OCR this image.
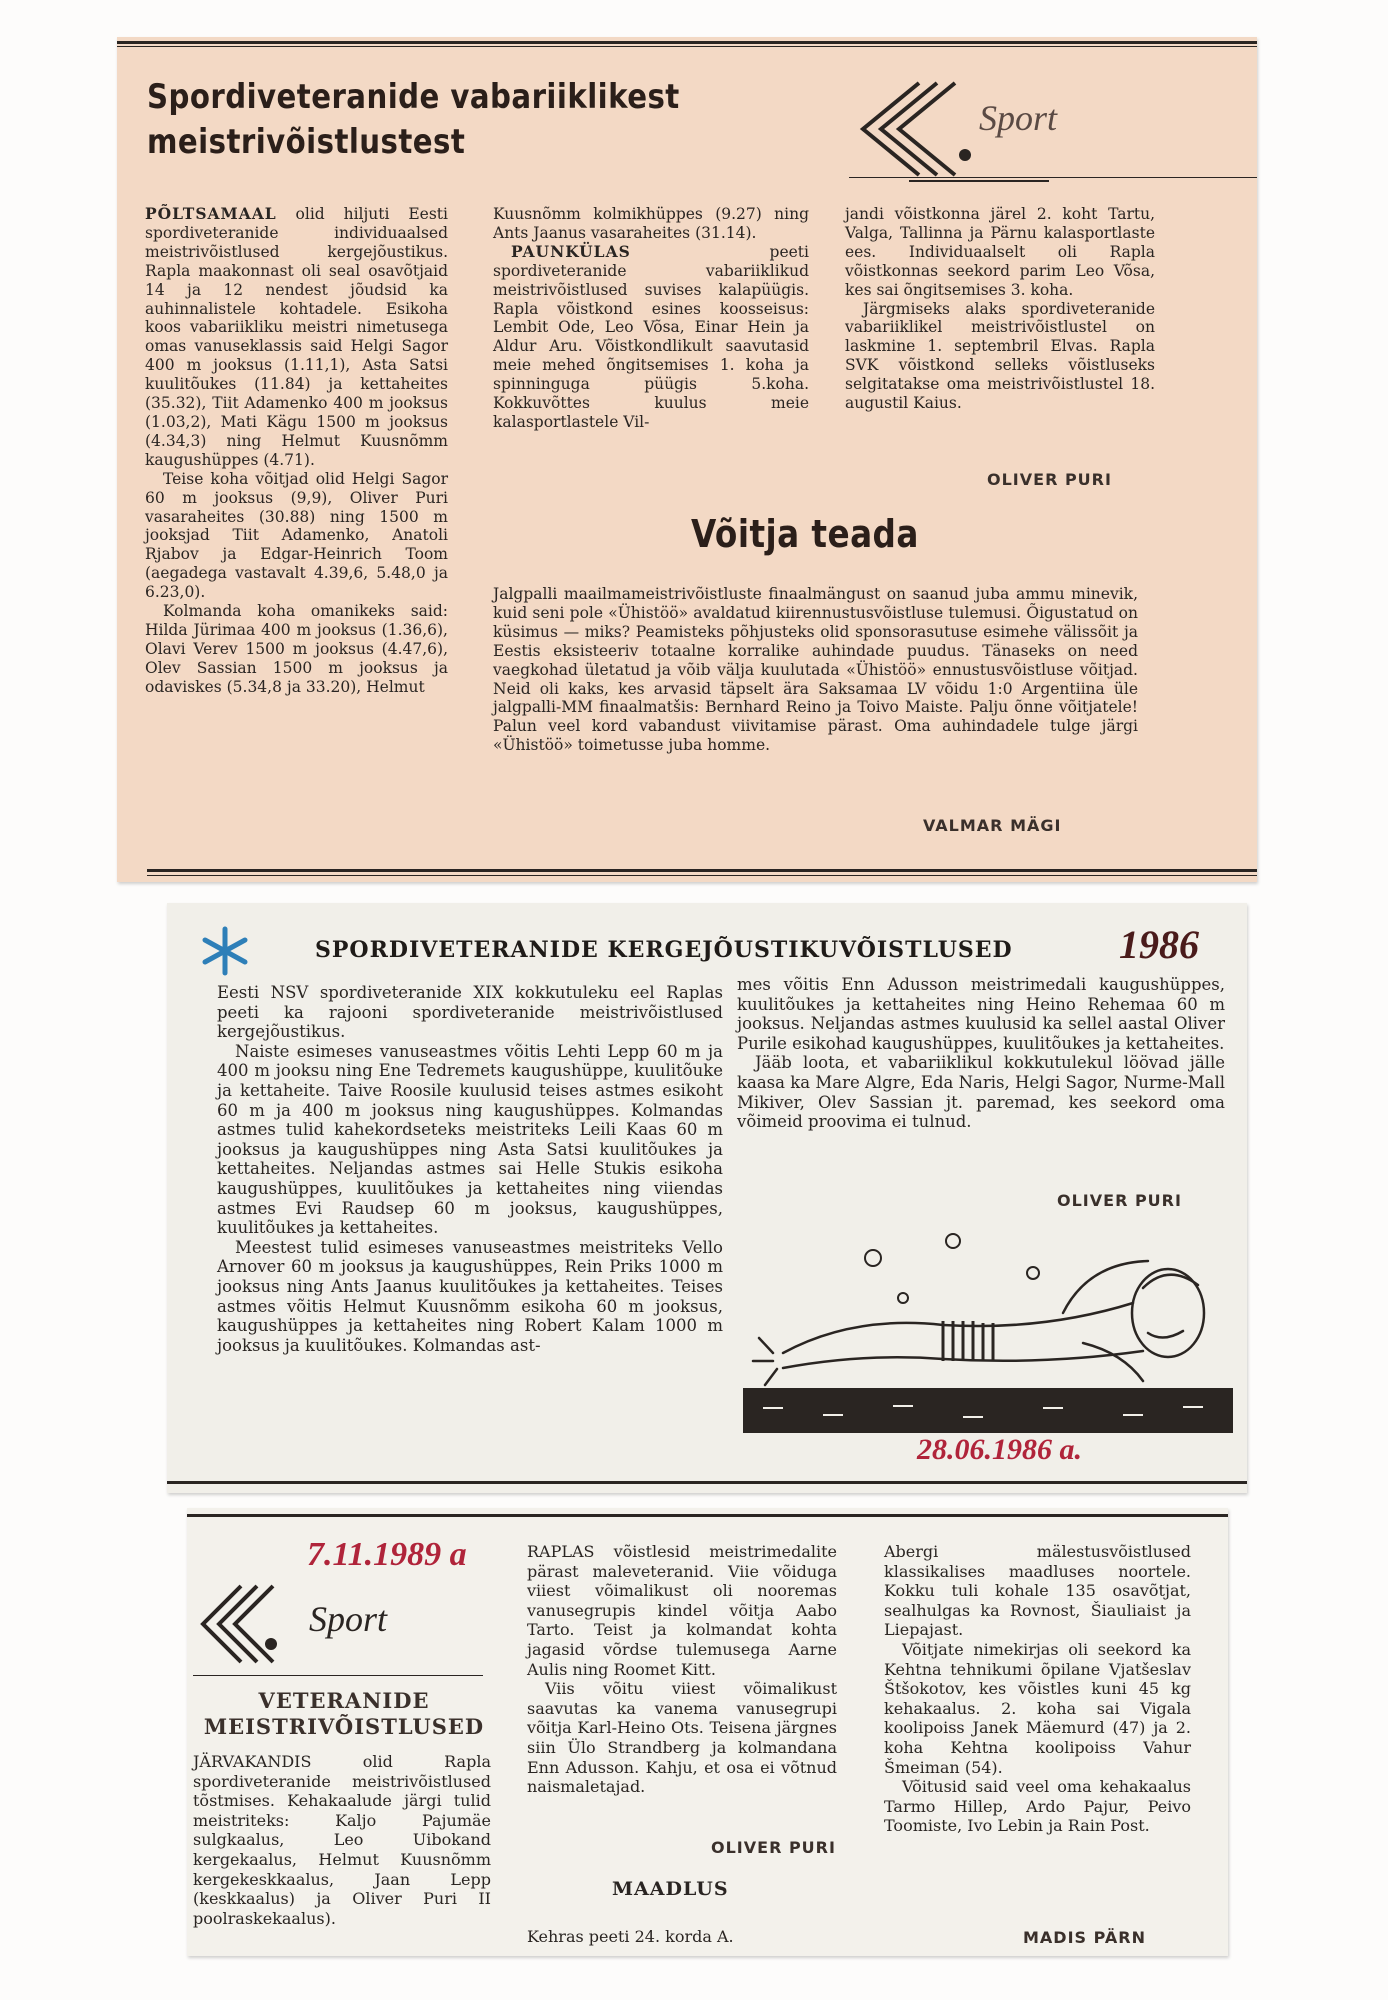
Spordiveteranide vabariiklikest
meistrivõistlustest
Sport

PÕLTSAMAAL olid hiljuti Eesti spordiveteranide individuaalsed meistrivõistlused kergejõustikus. Rapla maakonnast oli seal osavõtjaid 14 ja 12 nendest jõudsid ka auhinnalistele kohtadele. Esikoha koos vabariikliku meistri nimetusega omas vanuseklassis said Helgi Sagor 400 m jooksus (1.11,1), Asta Satsi kuulitõukes (11.84) ja kettaheites (35.32), Tiit Adamenko 400 m jooksus (1.03,2), Mati Kägu 1500 m jooksus (4.34,3) ning Helmut Kuusnõmm kaugushüppes (4.71).

Teise koha võitjad olid Helgi Sagor 60 m jooksus (9,9), Oliver Puri vasaraheites (30.88) ning 1500 m jooksjad Tiit Adamenko, Anatoli Rjabov ja Edgar-Heinrich Toom (aegadega vastavalt 4.39,6, 5.48,0 ja 6.23,0).

Kolmanda koha omanikeks said: Hilda Jürimaa 400 m jooksus (1.36,6), Olavi Verev 1500 m jooksus (4.47,6), Olev Sassian 1500 m jooksus ja odaviskes (5.34,8 ja 33.20), Helmut

Kuusnõmm kolmikhüppes (9.27) ning Ants Jaanus vasaraheites (31.14).

PAUNKÜLAS peeti spordiveteranide vabariiklikud meistrivõistlused suvises kalapüügis. Rapla võistkond esines koosseisus: Lembit Ode, Leo Võsa, Einar Hein ja Aldur Aru. Võistkondlikult saavutasid meie mehed õngitsemises 1. koha ja spinninguga püügis 5.koha. Kokkuvõttes kuulus meie kalasportlastele Vil-

jandi võistkonna järel 2. koht Tartu, Valga, Tallinna ja Pärnu kalasportlaste ees. Individuaalselt oli Rapla võistkonnas seekord parim Leo Võsa, kes sai õngitsemises 3. koha.

Järgmiseks alaks spordiveteranide vabariiklikel meistrivõistlustel on laskmine 1. septembril Elvas. Rapla SVK võistkond selleks võistluseks selgitatakse oma meistrivõistlustel 18. augustil Kaius.

OLIVER PURI
Võitja teada

Jalgpalli maailmameistrivõistluste finaalmängust on saanud juba ammu minevik, kuid seni pole «Ühistöö» avaldatud kiirennustusvõistluse tulemusi. Õigustatud on küsimus — miks? Peamisteks põhjusteks olid sponsorasutuse esimehe välissõit ja Eestis eksisteeriv totaalne korralike auhindade puudus. Tänaseks on need vaegkohad ületatud ja võib välja kuulutada «Ühistöö» ennustusvõistluse võitjad. Neid oli kaks, kes arvasid täpselt ära Saksamaa LV võidu 1:0 Argentiina üle jalgpalli-MM finaalmatšis: Bernhard Reino ja Toivo Maiste. Palju õnne võitjatele! Palun veel kord vabandust viivitamise pärast. Oma auhindadele tulge järgi «Ühistöö» toimetusse juba homme.

VALMAR MÄGI
SPORDIVETERANIDE KERGEJÕUSTIKUVÕISTLUSED	1986

Eesti NSV spordiveteranide XIX kokkutuleku eel Raplas peeti ka rajooni spordiveteranide meistrivõistlused kergejõustikus.

Naiste esimeses vanuseastmes võitis Lehti Lepp 60 m ja 400 m jooksu ning Ene Tedremets kaugushüppe, kuulitõuke ja kettaheite. Taive Roosile kuulusid teises astmes esikoht 60 m ja 400 m jooksus ning kaugushüppes. Kolmandas astmes tulid kahekordseteks meistriteks Leili Kaas 60 m jooksus ja kaugushüppes ning Asta Satsi kuulitõukes ja kettaheites. Neljandas astmes sai Helle Stukis esikoha kaugushüppes, kuulitõukes ja kettaheites ning viiendas astmes Evi Raudsep 60 m jooksus, kaugushüppes, kuulitõukes ja kettaheites.

Meestest tulid esimeses vanuseastmes meistriteks Vello Arnover 60 m jooksus ja kaugushüppes, Rein Priks 1000 m jooksus ning Ants Jaanus kuulitõukes ja kettaheites. Teises astmes võitis Helmut Kuusnõmm esikoha 60 m jooksus, kaugushüppes ja kettaheites ning Robert Kalam 1000 m jooksus ja kuulitõukes. Kolmandas ast-

mes võitis Enn Adusson meistrimedali kaugushüppes, kuulitõukes ja kettaheites ning Heino Rehemaa 60 m jooksus. Neljandas astmes kuulusid ka sellel aastal Oliver Purile esikohad kaugushüppes, kuulitõukes ja kettaheites.

Jääb loota, et vabariiklikul kokkutulekul löövad jälle kaasa ka Mare Algre, Eda Naris, Helgi Sagor, Nurme-Mall Mikiver, Olev Sassian jt. paremad, kes seekord oma võimeid proovima ei tulnud.

OLIVER PURI
28.06.1986 a.
7.11.1989 a
Sport
VETERANIDE
MEISTRIVÕISTLUSED

JÄRVAKANDIS olid Rapla spordiveteranide meistrivõistlused tõstmises. Kehakaalude järgi tulid meistriteks: Kaljo Pajumäe sulgkaalus, Leo Uibokand kergekaalus, Helmut Kuusnõmm kergekeskkaalus, Jaan Lepp (keskkaalus) ja Oliver Puri II poolraskekaalus).

RAPLAS võistlesid meistrimedalite pärast maleveteranid. Viie võiduga viiest võimalikust oli nooremas vanusegrupis kindel võitja Aabo Tarto. Teist ja kolmandat kohta jagasid võrdse tulemusega Aarne Aulis ning Roomet Kitt.

Viis võitu viiest võimalikust saavutas ka vanema vanusegrupi võitja Karl-Heino Ots. Teisena järgnes siin Ülo Strandberg ja kolmandana Enn Adusson. Kahju, et osa ei võtnud naismaletajad.

OLIVER PURI
MAADLUS

Kehras peeti 24. korda A.

Abergi mälestusvõistlused klassikalises maadluses noortele. Kokku tuli kohale 135 osavõtjat, sealhulgas ka Rovnost, Šiauliaist ja Liepajast.

Võitjate nimekirjas oli seekord ka Kehtna tehnikumi õpilane Vjatšeslav Štšokotov, kes võistles kuni 45 kg kehakaalus. 2. koha sai Vigala koolipoiss Janek Mäemurd (47) ja 2. koha Kehtna koolipoiss Vahur Šmeiman (54).

Võitusid said veel oma kehakaalus Tarmo Hillep, Ardo Pajur, Peivo Toomiste, Ivo Lebin ja Rain Post.

MADIS PÄRN
